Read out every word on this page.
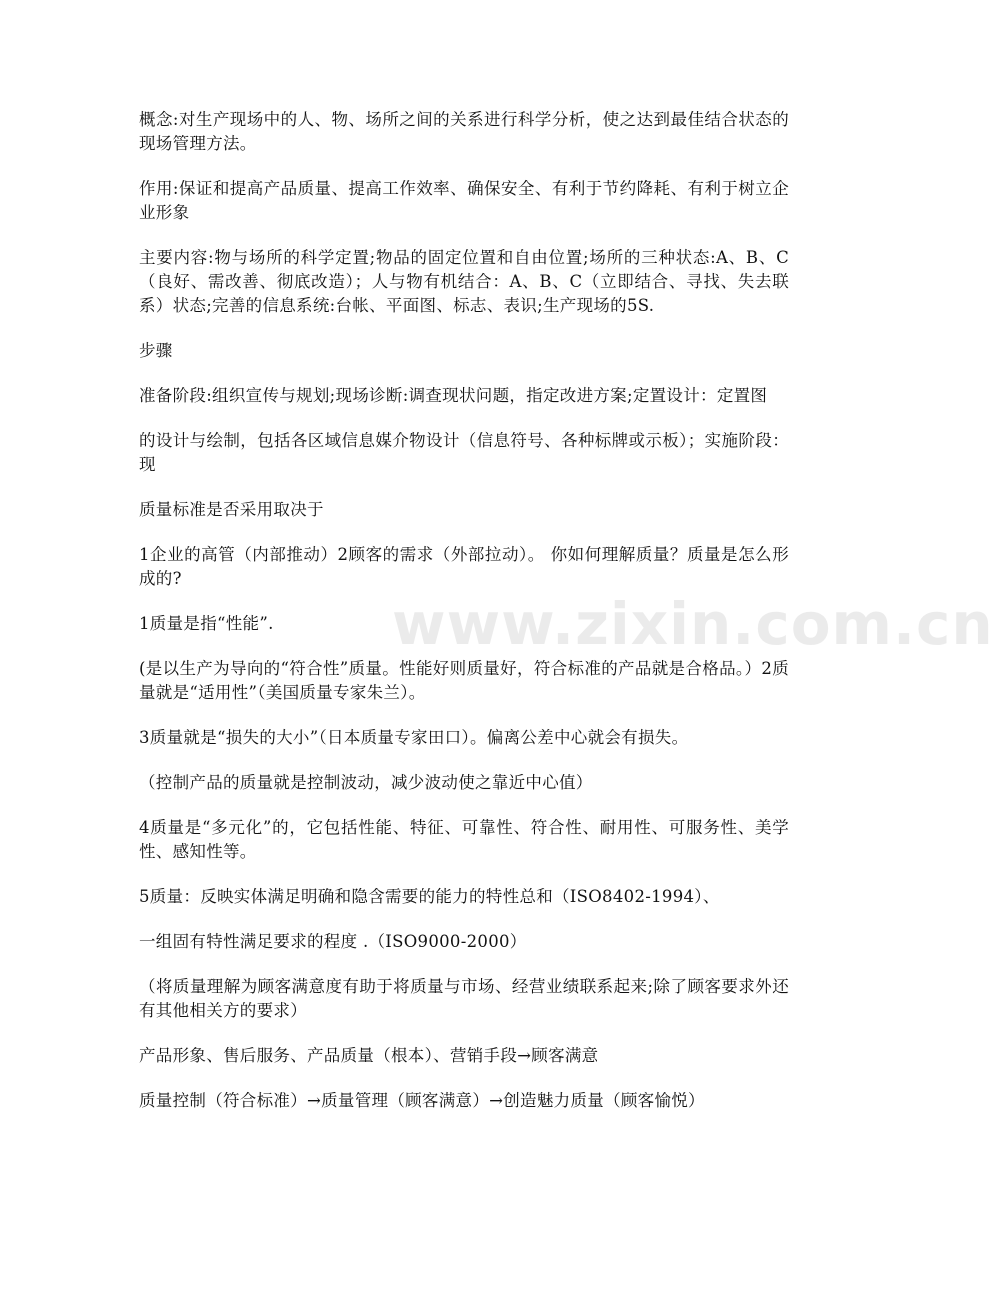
概念:对生产现场中的人、物、场所之间的关系进行科学分析，使之达到最佳结合状态的现场管理方法。

作用:保证和提高产品质量、提高工作效率、确保安全、有利于节约降耗、有利于树立企业形象

主要内容:物与场所的科学定置;物品的固定位置和自由位置;场所的三种状态:A、B、C（良好、需改善、彻底改造）；人与物有机结合：A、B、C（立即结合、寻找、失去联系）状态;完善的信息系统:台帐、平面图、标志、表识;生产现场的5S.

步骤

准备阶段:组织宣传与规划;现场诊断:调查现状问题，指定改进方案;定置设计：定置图

的设计与绘制，包括各区域信息媒介物设计（信息符号、各种标牌或示板）；实施阶段：现

质量标准是否采用取决于

1企业的高管（内部推动）2顾客的需求（外部拉动）。 你如何理解质量？质量是怎么形成的?

1质量是指“性能”.

(是以生产为导向的“符合性”质量。性能好则质量好，符合标准的产品就是合格品。）2质量就是“适用性”（美国质量专家朱兰）。

3质量就是“损失的大小”（日本质量专家田口）。偏离公差中心就会有损失。

（控制产品的质量就是控制波动，减少波动使之靠近中心值）

4质量是“多元化”的，它包括性能、特征、可靠性、符合性、耐用性、可服务性、美学性、感知性等。

5质量：反映实体满足明确和隐含需要的能力的特性总和（ISO8402-1994）、

一组固有特性满足要求的程度 .（ISO9000-2000）

（将质量理解为顾客满意度有助于将质量与市场、经营业绩联系起来;除了顾客要求外还有其他相关方的要求）

产品形象、售后服务、产品质量（根本）、营销手段→顾客满意

质量控制（符合标准）→质量管理（顾客满意）→创造魅力质量（顾客愉悦）

www.zixin.com.cn
